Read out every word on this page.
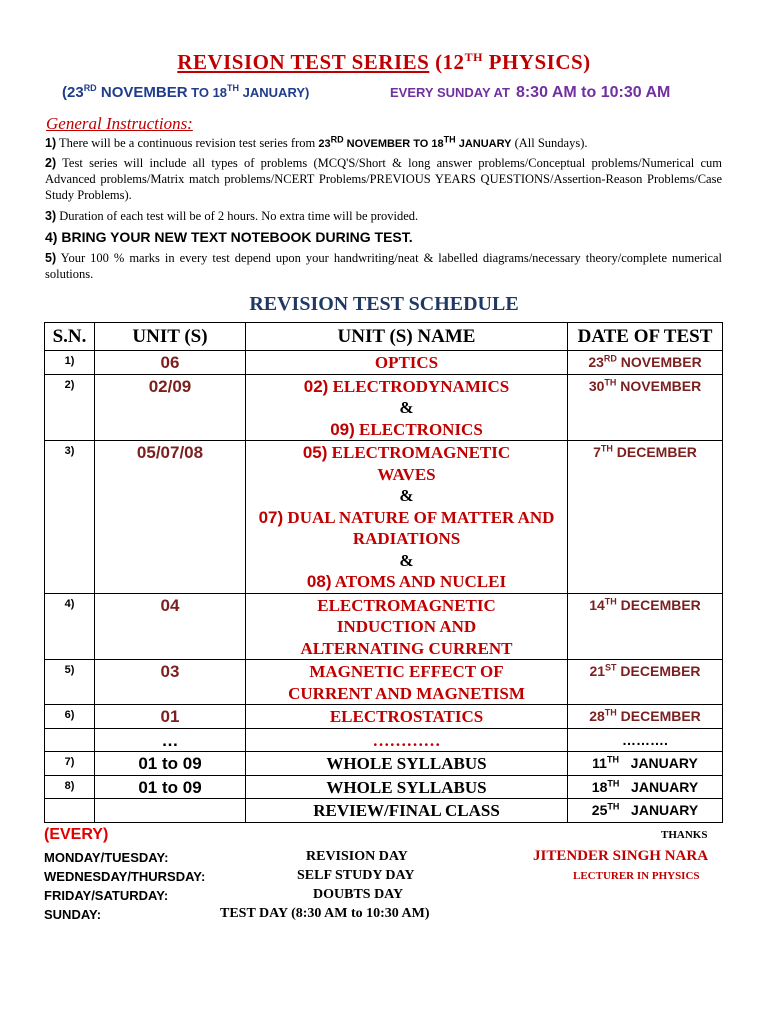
REVISION TEST SERIES (12TH PHYSICS)
(23RD NOVEMBER TO 18TH JANUARY)	EVERY SUNDAY AT 8:30 AM to 10:30 AM
General Instructions:
1) There will be a continuous revision test series from 23RD NOVEMBER TO 18TH JANUARY (All Sundays).
2) Test series will include all types of problems (MCQ'S/Short & long answer problems/Conceptual problems/Numerical cum Advanced problems/Matrix match problems/NCERT Problems/PREVIOUS YEARS QUESTIONS/Assertion-Reason Problems/Case Study Problems).
3) Duration of each test will be of 2 hours. No extra time will be provided.
4) BRING YOUR NEW TEXT NOTEBOOK DURING TEST.
5) Your 100 % marks in every test depend upon your handwriting/neat & labelled diagrams/necessary theory/complete numerical solutions.
REVISION TEST SCHEDULE
S.N.	UNIT (S)	UNIT (S) NAME	DATE OF TEST
1)	06	OPTICS	23RD NOVEMBER
2)	02/09	02) ELECTRODYNAMICS
&
09) ELECTRONICS	30TH NOVEMBER
3)	05/07/08	05) ELECTROMAGNETIC WAVES
&
07) DUAL NATURE OF MATTER AND RADIATIONS
&
08) ATOMS AND NUCLEI	7TH DECEMBER
4)	04	ELECTROMAGNETIC INDUCTION AND ALTERNATING CURRENT	14TH DECEMBER
5)	03	MAGNETIC EFFECT OF CURRENT AND MAGNETISM	21ST DECEMBER
6)	01	ELECTROSTATICS	28TH DECEMBER
	…	…………	……….
7)	01 to 09	WHOLE SYLLABUS	11TH   JANUARY
8)	01 to 09	WHOLE SYLLABUS	18TH   JANUARY
		REVIEW/FINAL CLASS	25TH   JANUARY
(EVERY)
MONDAY/TUESDAY:	REVISION DAY
WEDNESDAY/THURSDAY:	SELF STUDY DAY
FRIDAY/SATURDAY:	DOUBTS DAY
SUNDAY:	TEST DAY (8:30 AM to 10:30 AM)
THANKS
JITENDER SINGH NARA
LECTURER IN PHYSICS
